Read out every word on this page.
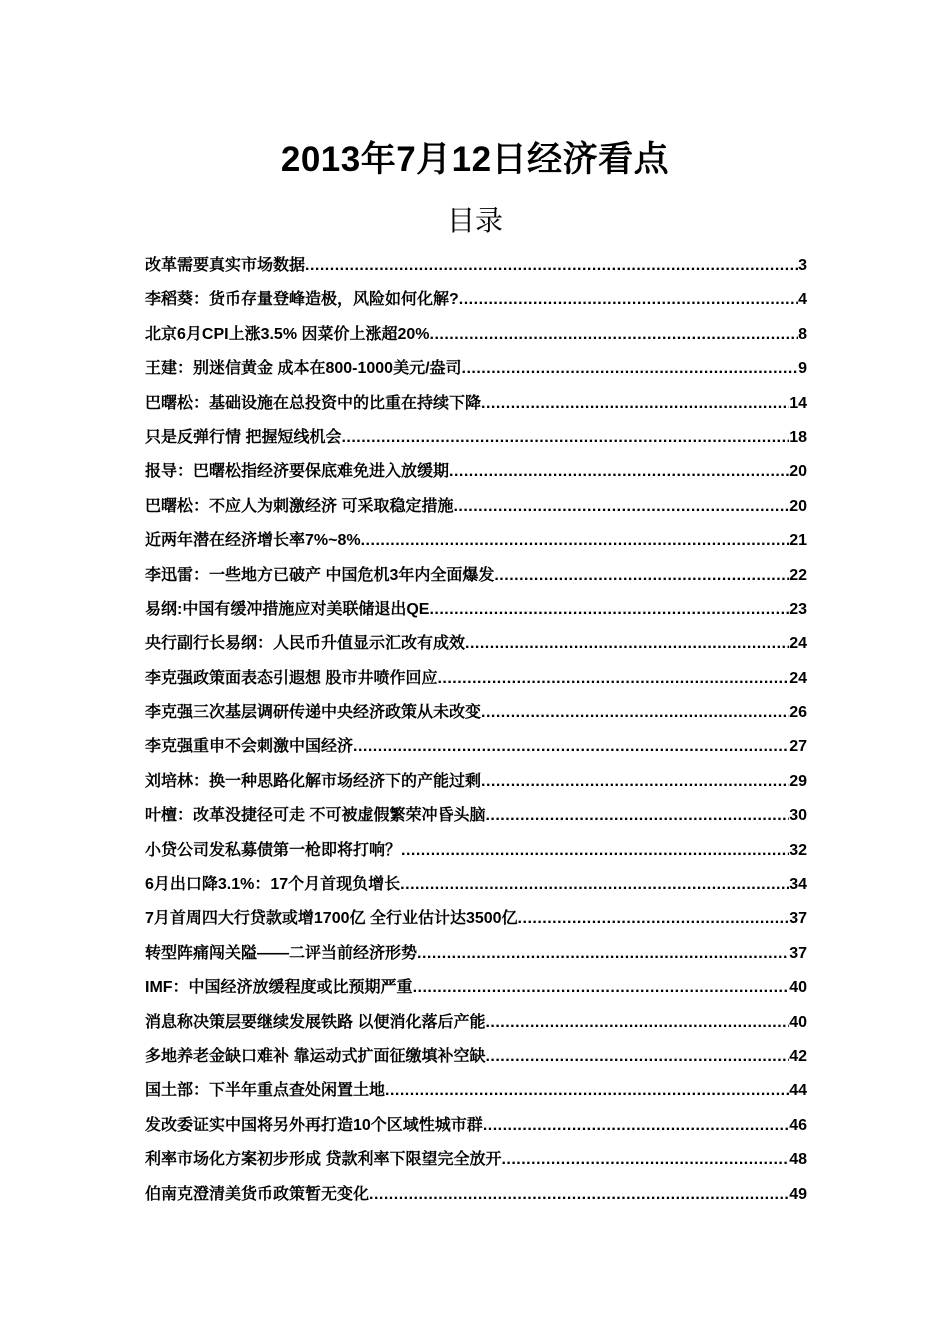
2013年7月12日经济看点
目录
改革需要真实市场数据 .....	3
李稻葵：货币存量登峰造极，风险如何化解? .....	4
北京6月CPI上涨3.5% 因菜价上涨超20% .....	8
王建：别迷信黄金 成本在800-1000美元/盎司 .....	9
巴曙松：基础设施在总投资中的比重在持续下降 .....	14
只是反弹行情 把握短线机会 .....	18
报导：巴曙松指经济要保底难免进入放缓期 .....	20
巴曙松：不应人为刺激经济 可采取稳定措施 .....	20
近两年潜在经济增长率7%~8% .....	21
李迅雷：一些地方已破产 中国危机3年内全面爆发 .....	22
易纲:中国有缓冲措施应对美联储退出QE .....	23
央行副行长易纲：人民币升值显示汇改有成效 .....	24
李克强政策面表态引遐想 股市井喷作回应 .....	24
李克强三次基层调研传递中央经济政策从未改变 .....	26
李克强重申不会刺激中国经济 .....	27
刘培林：换一种思路化解市场经济下的产能过剩 .....	29
叶檀：改革没捷径可走 不可被虚假繁荣冲昏头脑 .....	30
小贷公司发私募债第一枪即将打响？ .....	32
6月出口降3.1%：17个月首现负增长 .....	34
7月首周四大行贷款或增1700亿 全行业估计达3500亿 .....	37
转型阵痛闯关隘——二评当前经济形势 .....	37
IMF：中国经济放缓程度或比预期严重 .....	40
消息称决策层要继续发展铁路 以便消化落后产能 .....	40
多地养老金缺口难补 靠运动式扩面征缴填补空缺 .....	42
国土部：下半年重点查处闲置土地 .....	44
发改委证实中国将另外再打造10个区域性城市群 .....	46
利率市场化方案初步形成 贷款利率下限望完全放开 .....	48
伯南克澄清美货币政策暂无变化 .....	49
